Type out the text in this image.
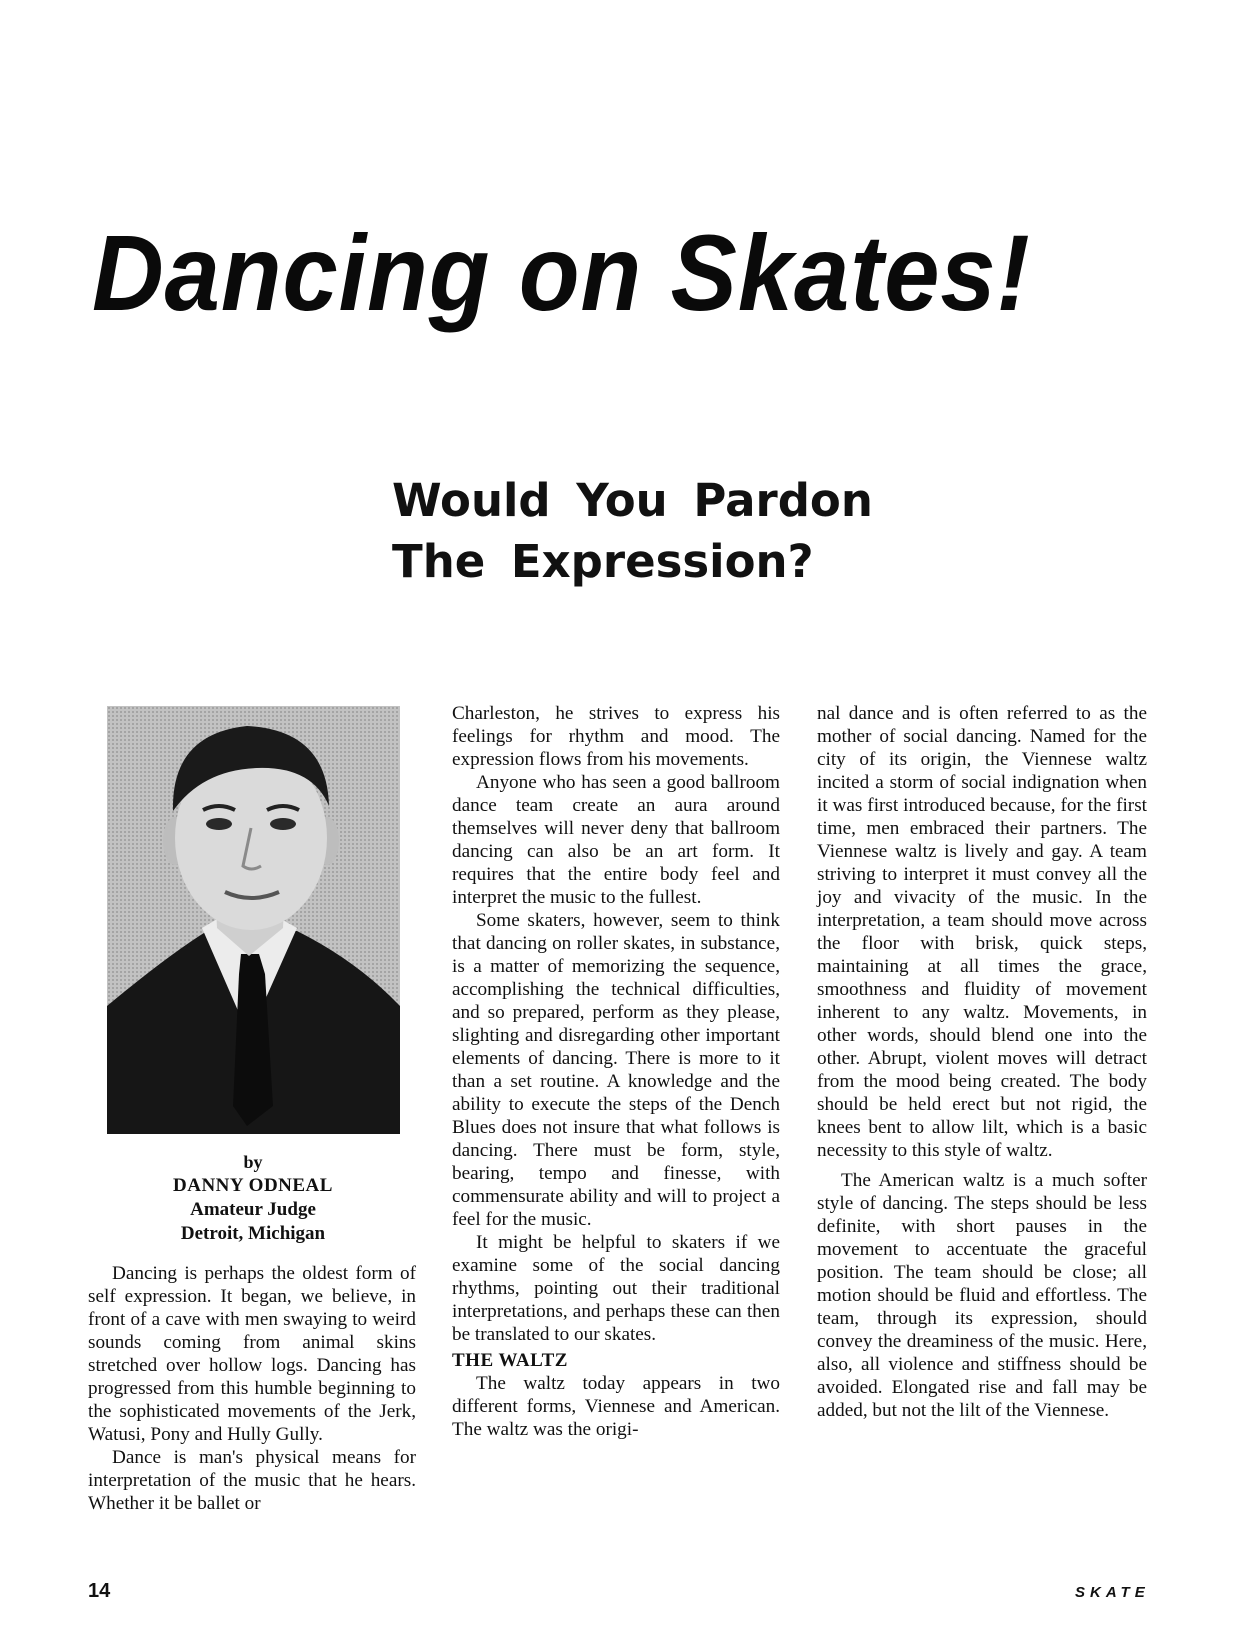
Dancing on Skates!
Would You Pardon
The Expression?
by
DANNY ODNEAL
Amateur Judge
Detroit, Michigan

Dancing is perhaps the oldest form of self expression. It began, we believe, in front of a cave with men swaying to weird sounds coming from animal skins stretched over hollow logs. Dancing has progressed from this humble beginning to the sophisticated movements of the Jerk, Watusi, Pony and Hully Gully.

Dance is man's physical means for interpretation of the music that he hears. Whether it be ballet or

Charleston, he strives to express his feelings for rhythm and mood. The expression flows from his movements.

Anyone who has seen a good ballroom dance team create an aura around themselves will never deny that ballroom dancing can also be an art form. It requires that the entire body feel and interpret the music to the fullest.

Some skaters, however, seem to think that dancing on roller skates, in substance, is a matter of memorizing the sequence, accomplishing the technical difficulties, and so prepared, perform as they please, slighting and disregarding other important elements of dancing. There is more to it than a set routine. A knowledge and the ability to execute the steps of the Dench Blues does not insure that what follows is dancing. There must be form, style, bearing, tempo and finesse, with commensurate ability and will to project a feel for the music.

It might be helpful to skaters if we examine some of the social dancing rhythms, pointing out their traditional interpretations, and perhaps these can then be translated to our skates.

THE WALTZ

The waltz today appears in two different forms, Viennese and American. The waltz was the origi-

nal dance and is often referred to as the mother of social dancing. Named for the city of its origin, the Viennese waltz incited a storm of social indignation when it was first introduced because, for the first time, men embraced their partners. The Viennese waltz is lively and gay. A team striving to interpret it must convey all the joy and vivacity of the music. In the interpretation, a team should move across the floor with brisk, quick steps, maintaining at all times the grace, smoothness and fluidity of movement inherent to any waltz. Movements, in other words, should blend one into the other. Abrupt, violent moves will detract from the mood being created. The body should be held erect but not rigid, the knees bent to allow lilt, which is a basic necessity to this style of waltz.

The American waltz is a much softer style of dancing. The steps should be less definite, with short pauses in the movement to accentuate the graceful position. The team should be close; all motion should be fluid and effortless. The team, through its expression, should convey the dreaminess of the music. Here, also, all violence and stiffness should be avoided. Elongated rise and fall may be added, but not the lilt of the Viennese.

14	SKATE
